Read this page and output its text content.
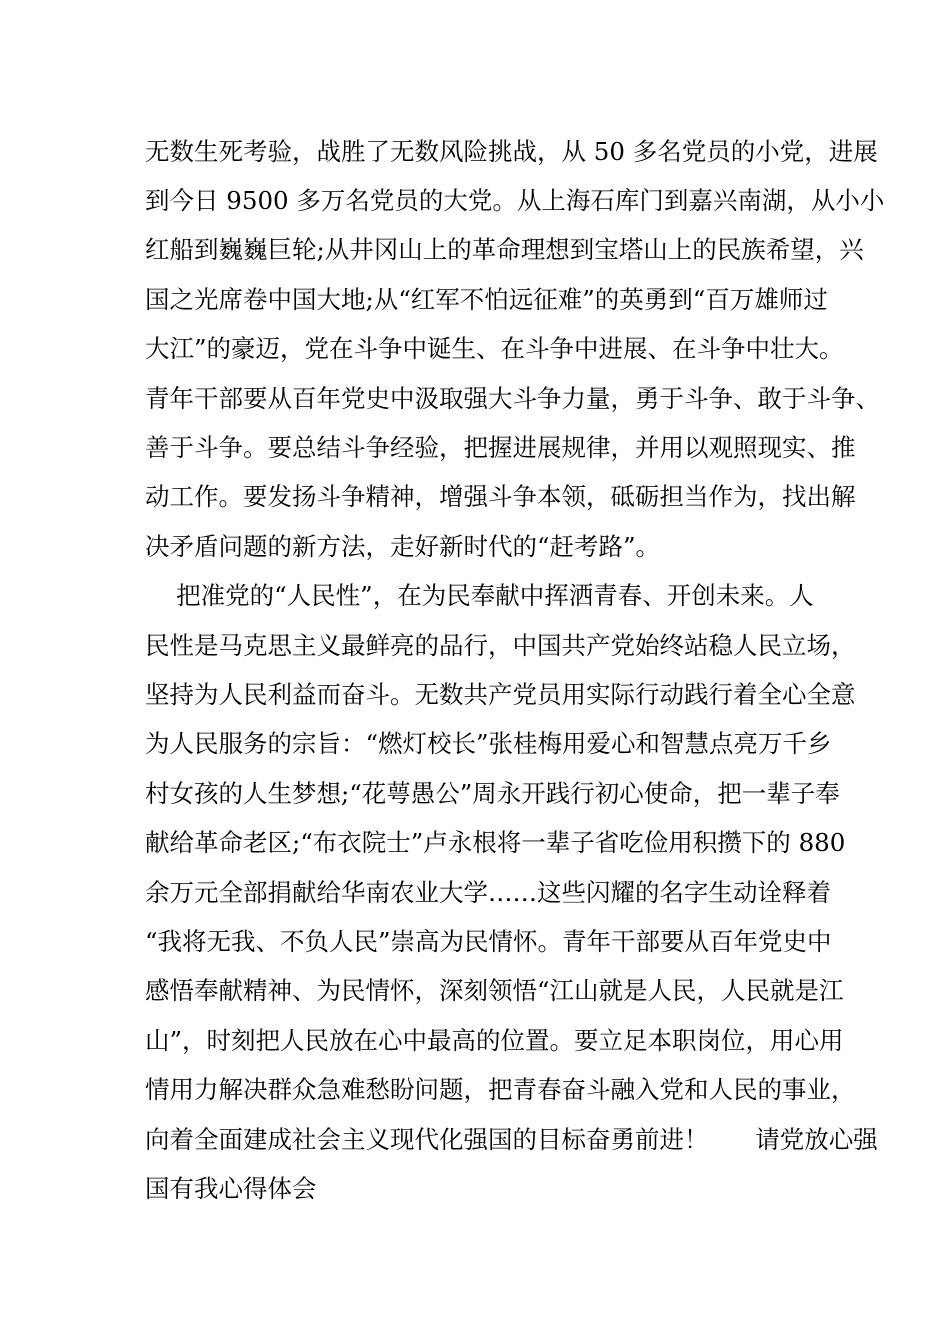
无数生死考验，战胜了无数风险挑战，从 50 多名党员的小党，进展
到今日 9500 多万名党员的大党。从上海石库门到嘉兴南湖，从小小
红船到巍巍巨轮;从井冈山上的革命理想到宝塔山上的民族希望，兴
国之光席卷中国大地;从“红军不怕远征难”的英勇到“百万雄师过
大江”的豪迈，党在斗争中诞生、在斗争中进展、在斗争中壮大。
青年干部要从百年党史中汲取强大斗争力量，勇于斗争、敢于斗争、
善于斗争。要总结斗争经验，把握进展规律，并用以观照现实、推
动工作。要发扬斗争精神，增强斗争本领，砥砺担当作为，找出解
决矛盾问题的新方法，走好新时代的“赶考路”。
把准党的“人民性”，在为民奉献中挥洒青春、开创未来。人
民性是马克思主义最鲜亮的品行，中国共产党始终站稳人民立场，
坚持为人民利益而奋斗。无数共产党员用实际行动践行着全心全意
为人民服务的宗旨：“燃灯校长”张桂梅用爱心和智慧点亮万千乡
村女孩的人生梦想;“花萼愚公”周永开践行初心使命，把一辈子奉
献给革命老区;“布衣院士”卢永根将一辈子省吃俭用积攒下的 880
余万元全部捐献给华南农业大学……这些闪耀的名字生动诠释着
“我将无我、不负人民”崇高为民情怀。青年干部要从百年党史中
感悟奉献精神、为民情怀，深刻领悟“江山就是人民，人民就是江
山”，时刻把人民放在心中最高的位置。要立足本职岗位，用心用
情用力解决群众急难愁盼问题，把青春奋斗融入党和人民的事业，
向着全面建成社会主义现代化强国的目标奋勇前进！      请党放心强
国有我心得体会
